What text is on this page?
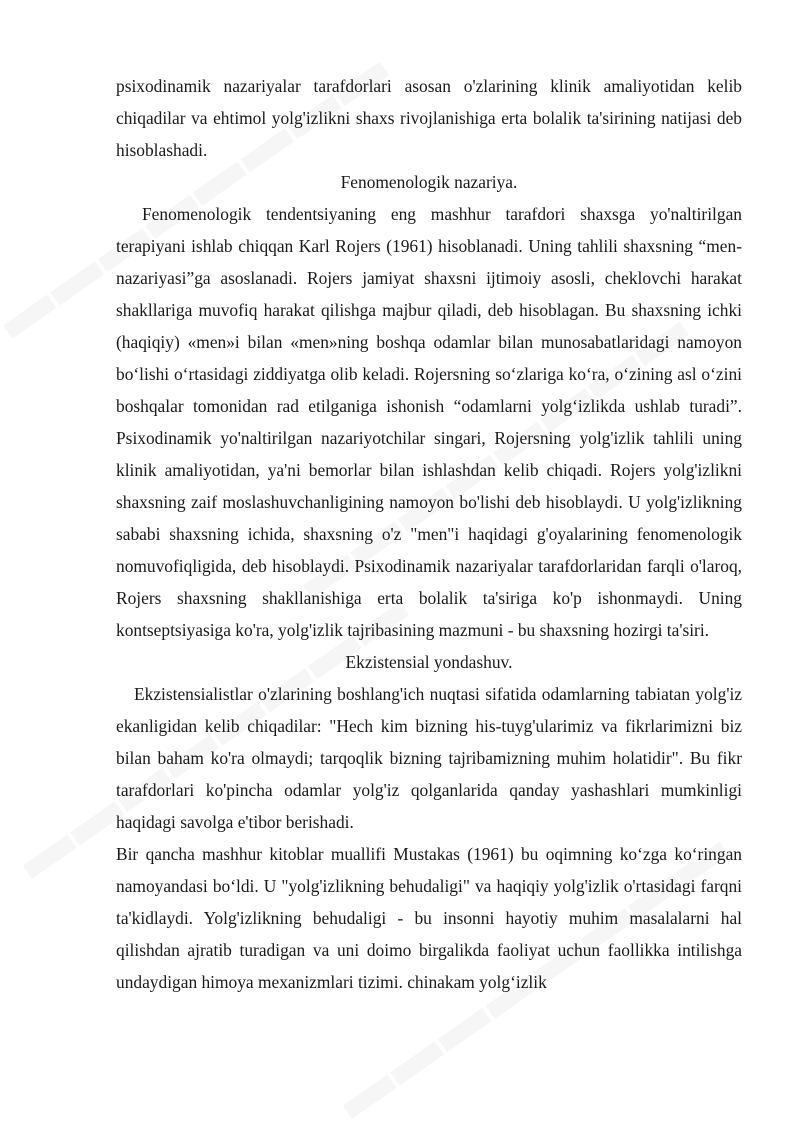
psixodinamik nazariyalar tarafdorlari asosan o'zlarining klinik amaliyotidan kelib chiqadilar va ehtimol yolg'izlikni shaxs rivojlanishiga erta bolalik ta'sirining natijasi deb hisoblashadi.

Fenomenologik nazariya.

Fenomenologik tendentsiyaning eng mashhur tarafdori shaxsga yo'naltirilgan terapiyani ishlab chiqqan Karl Rojers (1961) hisoblanadi. Uning tahlili shaxsning “men-nazariyasi”ga asoslanadi. Rojers jamiyat shaxsni ijtimoiy asosli, cheklovchi harakat shakllariga muvofiq harakat qilishga majbur qiladi, deb hisoblagan. Bu shaxsning ichki (haqiqiy) «men»i bilan «men»ning boshqa odamlar bilan munosabatlaridagi namoyon bo‘lishi o‘rtasidagi ziddiyatga olib keladi. Rojersning so‘zlariga ko‘ra, o‘zining asl o‘zini boshqalar tomonidan rad etilganiga ishonish “odamlarni yolg‘izlikda ushlab turadi”. Psixodinamik yo'naltirilgan nazariyotchilar singari, Rojersning yolg'izlik tahlili uning klinik amaliyotidan, ya'ni bemorlar bilan ishlashdan kelib chiqadi. Rojers yolg'izlikni shaxsning zaif moslashuvchanligining namoyon bo'lishi deb hisoblaydi. U yolg'izlikning sababi shaxsning ichida, shaxsning o'z "men"i haqidagi g'oyalarining fenomenologik nomuvofiqligida, deb hisoblaydi. Psixodinamik nazariyalar tarafdorlaridan farqli o'laroq, Rojers shaxsning shakllanishiga erta bolalik ta'siriga ko'p ishonmaydi. Uning kontseptsiyasiga ko'ra, yolg'izlik tajribasining mazmuni - bu shaxsning hozirgi ta'siri.

Ekzistensial yondashuv.

Ekzistensialistlar o'zlarining boshlang'ich nuqtasi sifatida odamlarning tabiatan yolg'iz ekanligidan kelib chiqadilar: "Hech kim bizning his-tuyg'ularimiz va fikrlarimizni biz bilan baham ko'ra olmaydi; tarqoqlik bizning tajribamizning muhim holatidir". Bu fikr tarafdorlari ko'pincha odamlar yolg'iz qolganlarida qanday yashashlari mumkinligi haqidagi savolga e'tibor berishadi.

Bir qancha mashhur kitoblar muallifi Mustakas (1961) bu oqimning ko‘zga ko‘ringan namoyandasi bo‘ldi. U "yolg'izlikning behudaligi" va haqiqiy yolg'izlik o'rtasidagi farqni ta'kidlaydi. Yolg'izlikning behudaligi - bu insonni hayotiy muhim masalalarni hal qilishdan ajratib turadigan va uni doimo birgalikda faoliyat uchun faollikka intilishga undaydigan himoya mexanizmlari tizimi. chinakam yolg‘izlik
